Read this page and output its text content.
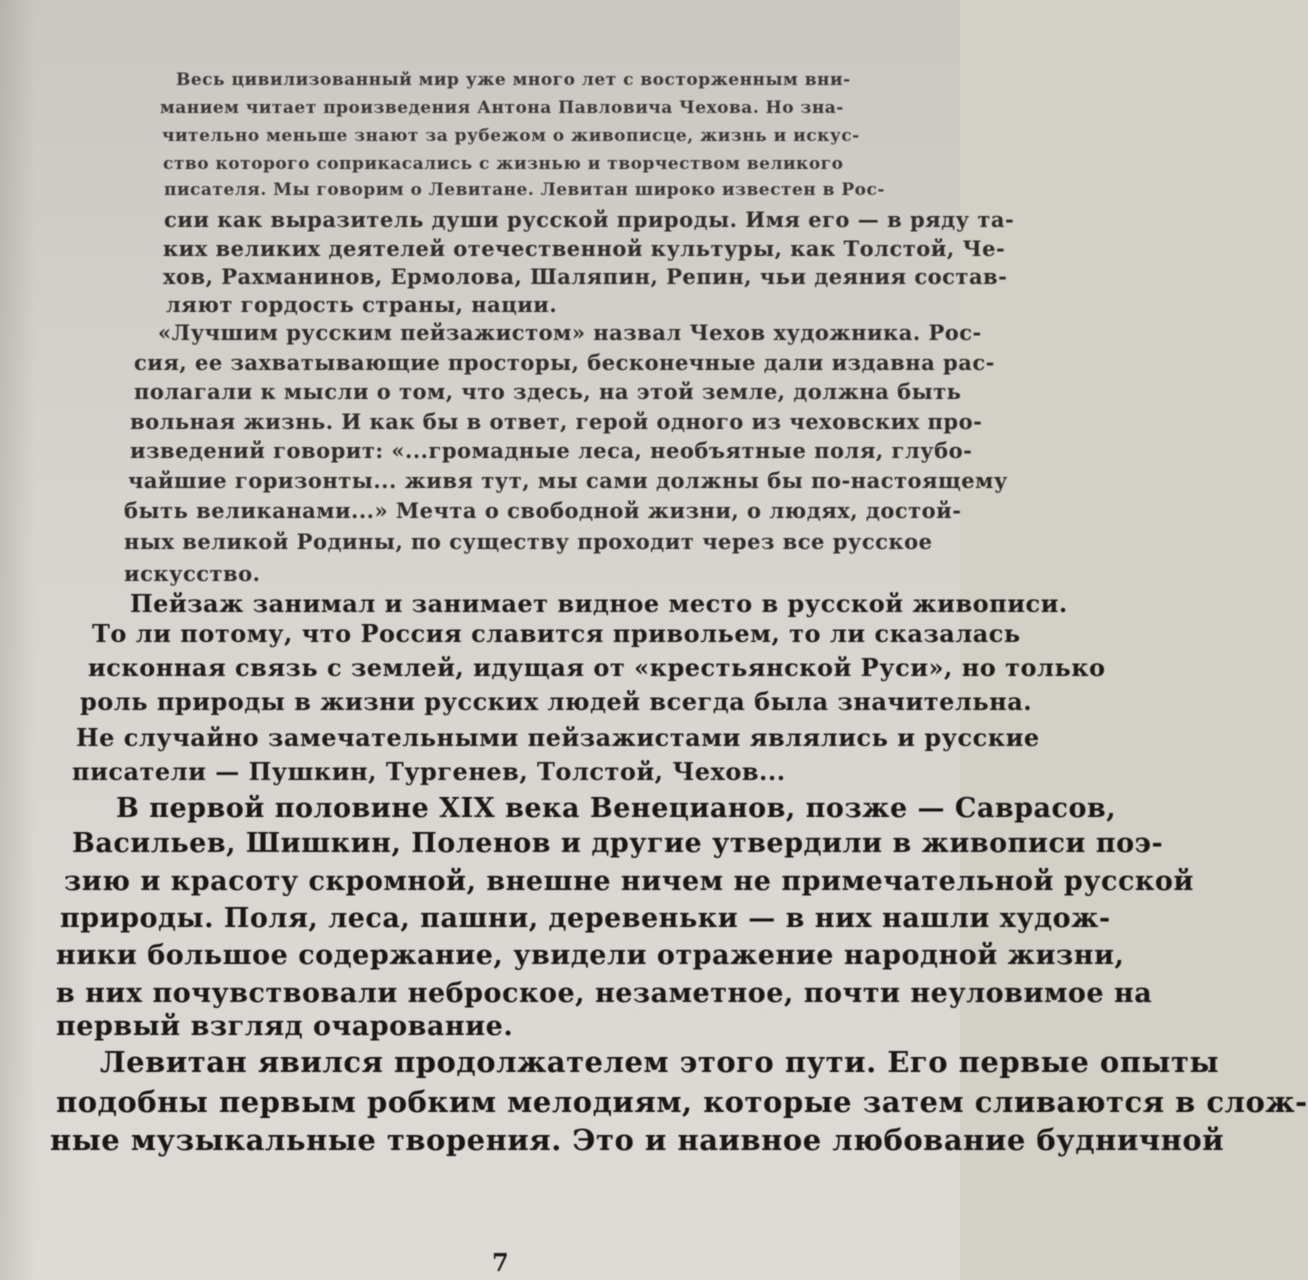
Весь цивилизованный мир уже много лет с восторженным вни-

манием читает произведения Антона Павловича Чехова. Но зна-

чительно меньше знают за рубежом о живописце, жизнь и искус-

ство которого соприкасались с жизнью и творчеством великого

писателя. Мы говорим о Левитане. Левитан широко известен в Рос-

сии как выразитель души русской природы. Имя его — в ряду та-

ких великих деятелей отечественной культуры, как Толстой, Че-

хов, Рахманинов, Ермолова, Шаляпин, Репин, чьи деяния состав-

ляют гордость страны, нации.

«Лучшим русским пейзажистом» назвал Чехов художника. Рос-

сия, ее захватывающие просторы, бесконечные дали издавна рас-

полагали к мысли о том, что здесь, на этой земле, должна быть

вольная жизнь. И как бы в ответ, герой одного из чеховских про-

изведений говорит: «...громадные леса, необъятные поля, глубо-

чайшие горизонты... живя тут, мы сами должны бы по-настоящему

быть великанами...» Мечта о свободной жизни, о людях, достой-

ных великой Родины, по существу проходит через все русское

искусство.

Пейзаж занимал и занимает видное место в русской живописи.

То ли потому, что Россия славится привольем, то ли сказалась

исконная связь с землей, идущая от «крестьянской Руси», но только

роль природы в жизни русских людей всегда была значительна.

Не случайно замечательными пейзажистами являлись и русские

писатели — Пушкин, Тургенев, Толстой, Чехов...

В первой половине XIX века Венецианов, позже — Саврасов,

Васильев, Шишкин, Поленов и другие утвердили в живописи поэ-

зию и красоту скромной, внешне ничем не примечательной русской

природы. Поля, леса, пашни, деревеньки — в них нашли худож-

ники большое содержание, увидели отражение народной жизни,

в них почувствовали неброское, незаметное, почти неуловимое на

первый взгляд очарование.

Левитан явился продолжателем этого пути. Его первые опыты

подобны первым робким мелодиям, которые затем сливаются в слож-

ные музыкальные творения. Это и наивное любование будничной

7
